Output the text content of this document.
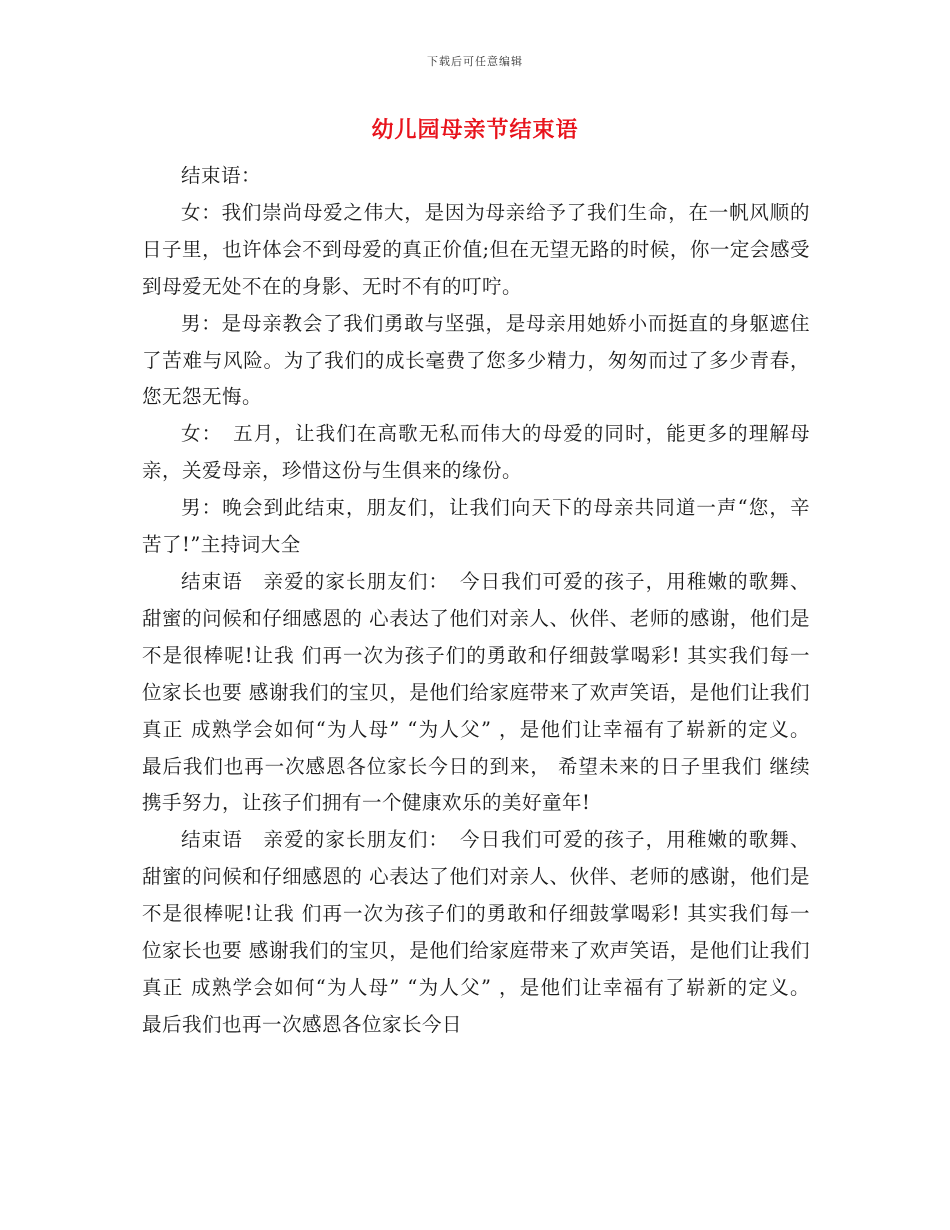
下载后可任意编辑
幼儿园母亲节结束语

结束语：

女：我们崇尚母爱之伟大，是因为母亲给予了我们生命，在一帆风顺的日子里，也许体会不到母爱的真正价值;但在无望无路的时候，你一定会感受到母爱无处不在的身影、无时不有的叮咛。

男：是母亲教会了我们勇敢与坚强，是母亲用她娇小而挺直的身躯遮住了苦难与风险。为了我们的成长毫费了您多少精力，匆匆而过了多少青春，您无怨无悔。

女：　五月，让我们在高歌无私而伟大的母爱的同时，能更多的理解母亲，关爱母亲，珍惜这份与生俱来的缘份。

男：晚会到此结束，朋友们，让我们向天下的母亲共同道一声“您，辛苦了!”主持词大全

结束语　亲爱的家长朋友们：　今日我们可爱的孩子，用稚嫩的歌舞、甜蜜的问候和仔细感恩的 心表达了他们对亲人、伙伴、老师的感谢，他们是不是很棒呢!让我 们再一次为孩子们的勇敢和仔细鼓掌喝彩! 其实我们每一位家长也要 感谢我们的宝贝，是他们给家庭带来了欢声笑语，是他们让我们真正 成熟学会如何“为人母” “为人父” ，是他们让幸福有了崭新的定义。 最后我们也再一次感恩各位家长今日的到来， 希望未来的日子里我们 继续携手努力，让孩子们拥有一个健康欢乐的美好童年!

结束语　亲爱的家长朋友们：　今日我们可爱的孩子，用稚嫩的歌舞、甜蜜的问候和仔细感恩的 心表达了他们对亲人、伙伴、老师的感谢，他们是不是很棒呢!让我 们再一次为孩子们的勇敢和仔细鼓掌喝彩! 其实我们每一位家长也要 感谢我们的宝贝，是他们给家庭带来了欢声笑语，是他们让我们真正 成熟学会如何“为人母” “为人父” ，是他们让幸福有了崭新的定义。 最后我们也再一次感恩各位家长今日
